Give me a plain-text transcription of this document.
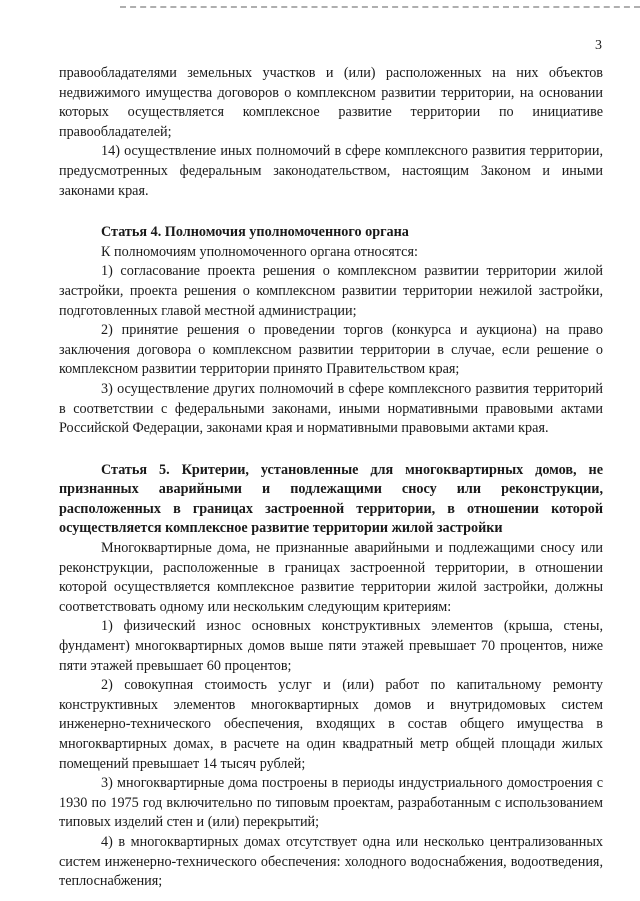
3

правообладателями земельных участков и (или) расположенных на них объектов недвижимого имущества договоров о комплексном развитии территории, на основании которых осуществляется комплексное развитие территории по инициативе правообладателей;

14) осуществление иных полномочий в сфере комплексного развития территории, предусмотренных федеральным законодательством, настоящим Законом и иными законами края.

Статья 4. Полномочия уполномоченного органа

К полномочиям уполномоченного органа относятся:

1) согласование проекта решения о комплексном развитии территории жилой застройки, проекта решения о комплексном развитии территории нежилой застройки, подготовленных главой местной администрации;

2) принятие решения о проведении торгов (конкурса и аукциона) на право заключения договора о комплексном развитии территории в случае, если решение о комплексном развитии территории принято Правительством края;

3) осуществление других полномочий в сфере комплексного развития территорий в соответствии с федеральными законами, иными нормативными правовыми актами Российской Федерации, законами края и нормативными правовыми актами края.

Статья 5. Критерии, установленные для многоквартирных домов, не признанных аварийными и подлежащими сносу или реконструкции, расположенных в границах застроенной территории, в отношении которой осуществляется комплексное развитие территории жилой застройки

Многоквартирные дома, не признанные аварийными и подлежащими сносу или реконструкции, расположенные в границах застроенной территории, в отношении которой осуществляется комплексное развитие территории жилой застройки, должны соответствовать одному или нескольким следующим критериям:

1) физический износ основных конструктивных элементов (крыша, стены, фундамент) многоквартирных домов выше пяти этажей превышает 70 процентов, ниже пяти этажей превышает 60 процентов;

2) совокупная стоимость услуг и (или) работ по капитальному ремонту конструктивных элементов многоквартирных домов и внутридомовых систем инженерно-технического обеспечения, входящих в состав общего имущества в многоквартирных домах, в расчете на один квадратный метр общей площади жилых помещений превышает 14 тысяч рублей;

3) многоквартирные дома построены в периоды индустриального домостроения с 1930 по 1975 год включительно по типовым проектам, разработанным с использованием типовых изделий стен и (или) перекрытий;

4) в многоквартирных домах отсутствует одна или несколько централизованных систем инженерно-технического обеспечения: холодного водоснабжения, водоотведения, теплоснабжения;
